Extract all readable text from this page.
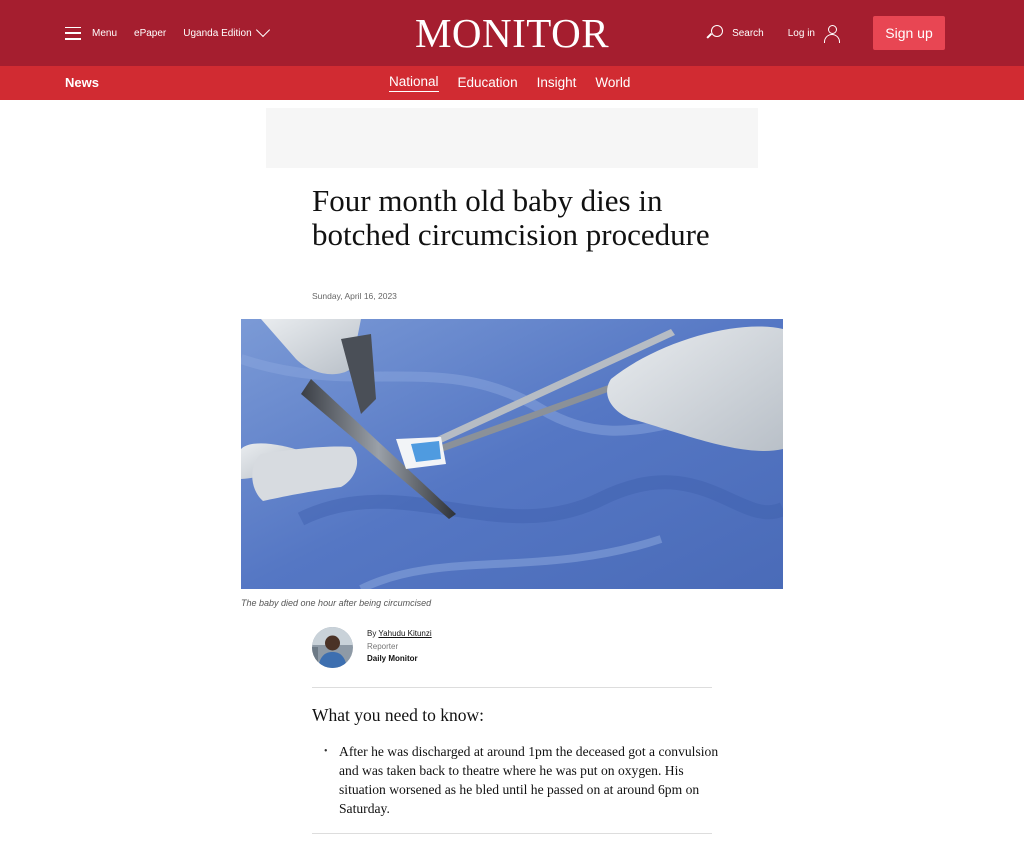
Menu ePaper Uganda Edition	MONITOR	Search Log in	Sign up
News	National Education Insight World
Four month old baby dies in botched circumcision procedure
Sunday, April 16, 2023
The baby died one hour after being circumcised
By Yahudu Kitunzi
Reporter
Daily Monitor
What you need to know:
• After he was discharged at around 1pm the deceased got a convulsion and was taken back to theatre where he was put on oxygen. His situation worsened as he bled until he passed on at around 6pm on Saturday.
